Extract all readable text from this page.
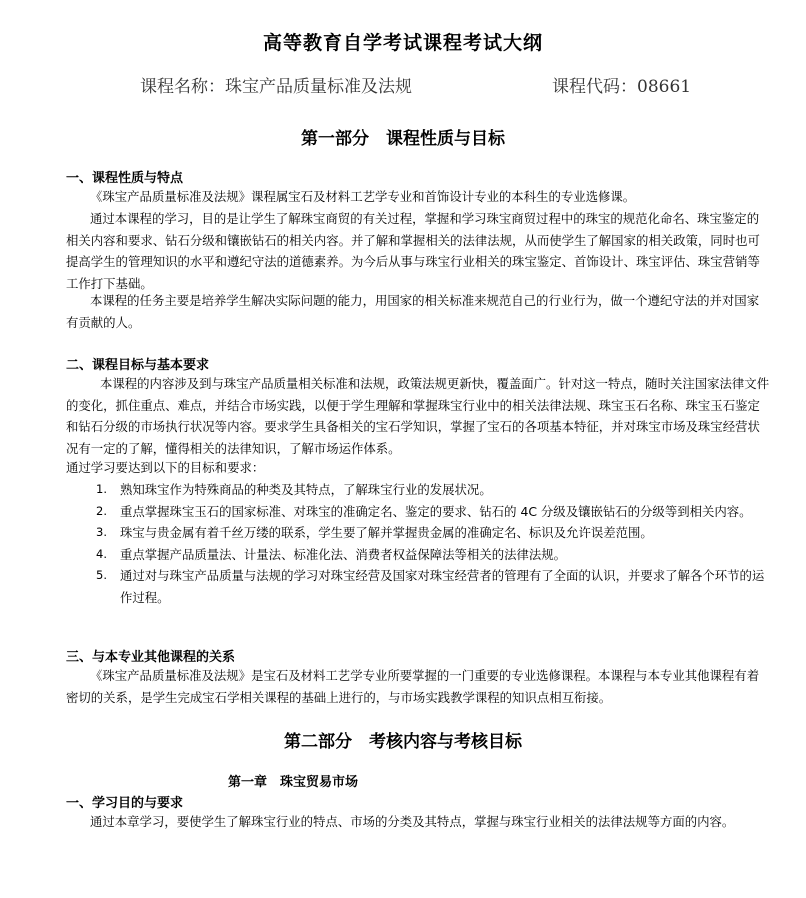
高等教育自学考试课程考试大纲
课程名称：珠宝产品质量标准及法规	课程代码：08661
第一部分　课程性质与目标
一、课程性质与特点
《珠宝产品质量标准及法规》课程属宝石及材料工艺学专业和首饰设计专业的本科生的专业选修课。
通过本课程的学习，目的是让学生了解珠宝商贸的有关过程，掌握和学习珠宝商贸过程中的珠宝的规范化命名、珠宝鉴定的相关内容和要求、钻石分级和镶嵌钻石的相关内容。并了解和掌握相关的法律法规，从而使学生了解国家的相关政策，同时也可提高学生的管理知识的水平和遵纪守法的道德素养。为今后从事与珠宝行业相关的珠宝鉴定、首饰设计、珠宝评估、珠宝营销等工作打下基础。
本课程的任务主要是培养学生解决实际问题的能力，用国家的相关标准来规范自己的行业行为，做一个遵纪守法的并对国家有贡献的人。
二、课程目标与基本要求
本课程的内容涉及到与珠宝产品质量相关标准和法规，政策法规更新快，覆盖面广。针对这一特点，随时关注国家法律文件的变化，抓住重点、难点，并结合市场实践，以便于学生理解和掌握珠宝行业中的相关法律法规、珠宝玉石名称、珠宝玉石鉴定和钻石分级的市场执行状况等内容。要求学生具备相关的宝石学知识，掌握了宝石的各项基本特征，并对珠宝市场及珠宝经营状况有一定的了解，懂得相关的法律知识，了解市场运作体系。
通过学习要达到以下的目标和要求：
1. 熟知珠宝作为特殊商品的种类及其特点，了解珠宝行业的发展状况。
2. 重点掌握珠宝玉石的国家标准、对珠宝的准确定名、鉴定的要求、钻石的 4C 分级及镶嵌钻石的分级等到相关内容。
3. 珠宝与贵金属有着千丝万缕的联系，学生要了解并掌握贵金属的准确定名、标识及允许误差范围。
4. 重点掌握产品质量法、计量法、标准化法、消费者权益保障法等相关的法律法规。
5. 通过对与珠宝产品质量与法规的学习对珠宝经营及国家对珠宝经营者的管理有了全面的认识，并要求了解各个环节的运作过程。
三、与本专业其他课程的关系
《珠宝产品质量标准及法规》是宝石及材料工艺学专业所要掌握的一门重要的专业选修课程。本课程与本专业其他课程有着密切的关系，是学生完成宝石学相关课程的基础上进行的，与市场实践教学课程的知识点相互衔接。
第二部分　考核内容与考核目标
第一章　珠宝贸易市场
一、学习目的与要求
通过本章学习，要使学生了解珠宝行业的特点、市场的分类及其特点，掌握与珠宝行业相关的法律法规等方面的内容。
